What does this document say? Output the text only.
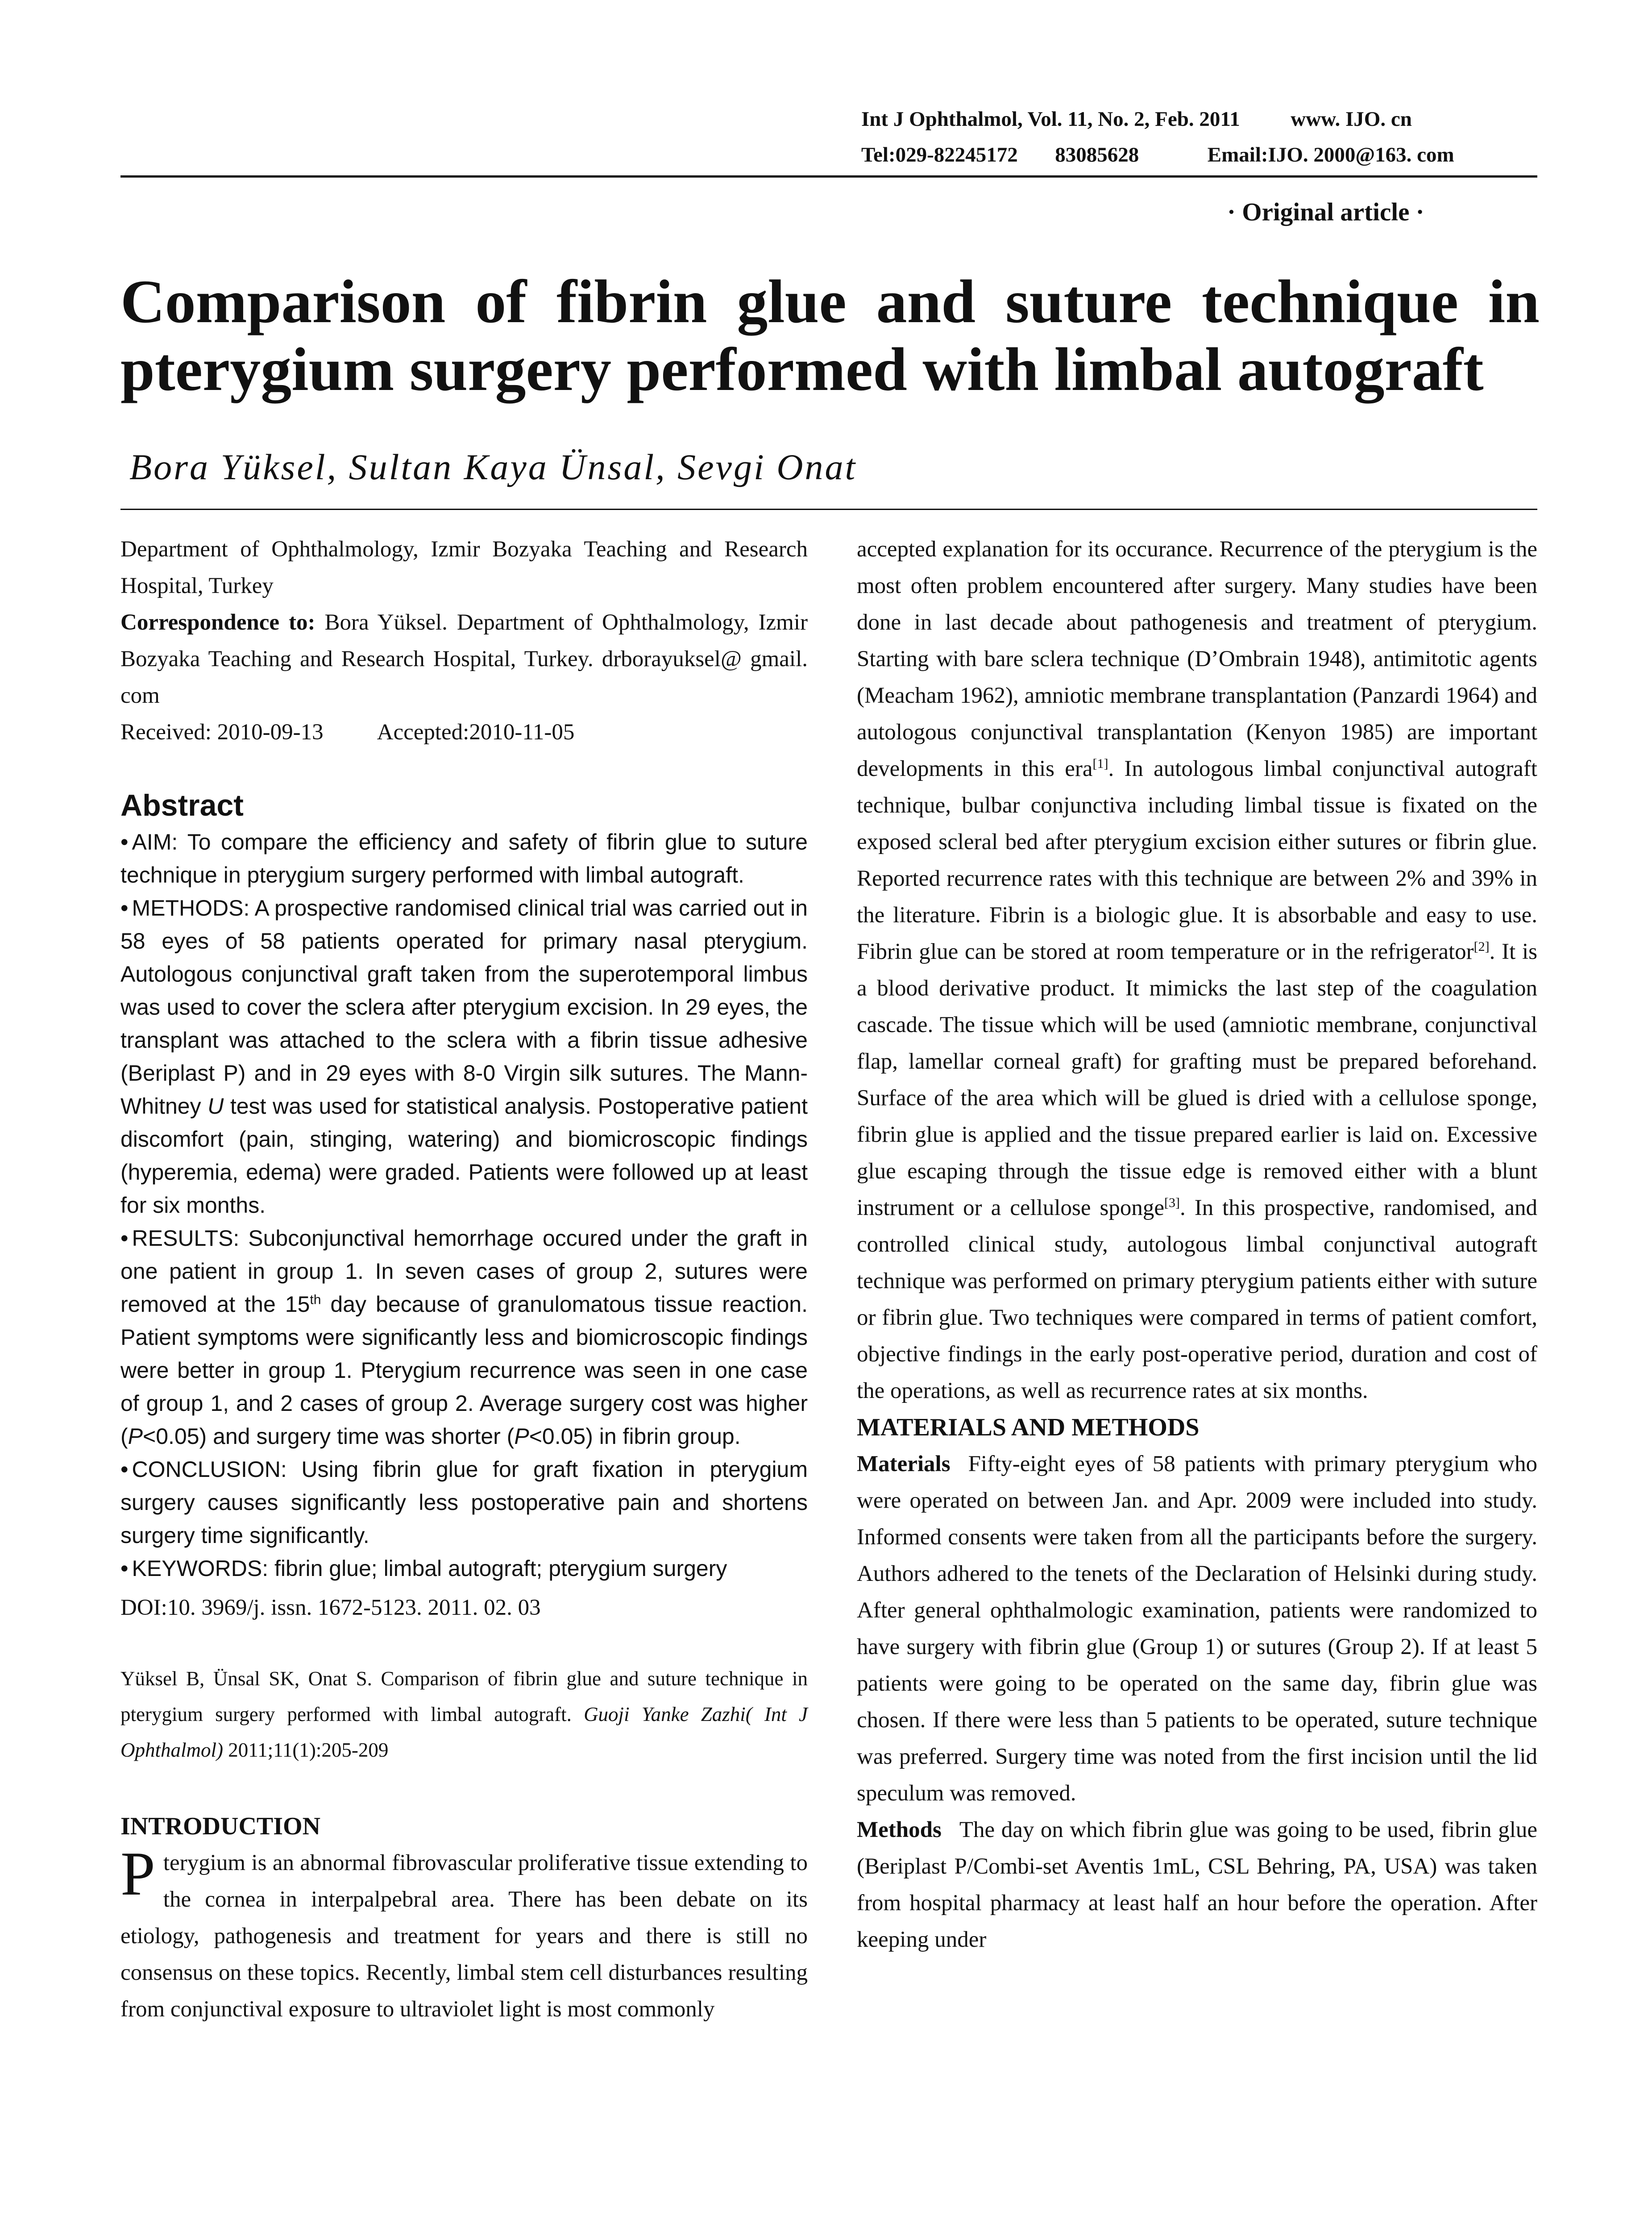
Int J Ophthalmol, Vol. 11, No. 2, Feb. 2011 www. IJO. cn
Tel:029-82245172 83085628	Email:IJO. 2000@163. com
· Original article ·
Comparison of fibrin glue and suture technique in
pterygium surgery performed with limbal autograft
Bora Yüksel, Sultan Kaya Ünsal, Sevgi Onat

Department of Ophthalmology, Izmir Bozyaka Teaching and Research Hospital, Turkey

Correspondence to: Bora Yüksel. Department of Ophthalmology, Izmir Bozyaka Teaching and Research Hospital, Turkey. drborayuksel@ gmail. com

Received: 2010-09-13 Accepted:2010-11-05

Abstract

• AIM: To compare the efficiency and safety of fibrin glue to suture technique in pterygium surgery performed with limbal autograft.

• METHODS: A prospective randomised clinical trial was carried out in 58 eyes of 58 patients operated for primary nasal pterygium. Autologous conjunctival graft taken from the superotemporal limbus was used to cover the sclera after pterygium excision. In 29 eyes, the transplant was attached to the sclera with a fibrin tissue adhesive (Beriplast P) and in 29 eyes with 8-0 Virgin silk sutures. The Mann-Whitney U test was used for statistical analysis. Postoperative patient discomfort (pain, stinging, watering) and biomicroscopic findings (hyperemia, edema) were graded. Patients were followed up at least for six months.

• RESULTS: Subconjunctival hemorrhage occured under the graft in one patient in group 1. In seven cases of group 2, sutures were removed at the 15th day because of granulomatous tissue reaction. Patient symptoms were significantly less and biomicroscopic findings were better in group 1. Pterygium recurrence was seen in one case of group 1, and 2 cases of group 2. Average surgery cost was higher (P<0.05) and surgery time was shorter (P<0.05) in fibrin group.

• CONCLUSION: Using fibrin glue for graft fixation in pterygium surgery causes significantly less postoperative pain and shortens surgery time significantly.

• KEYWORDS: fibrin glue; limbal autograft; pterygium surgery

DOI:10. 3969/j. issn. 1672-5123. 2011. 02. 03

Yüksel B, Ünsal SK, Onat S. Comparison of fibrin glue and suture technique in pterygium surgery performed with limbal autograft. Guoji Yanke Zazhi( Int J Ophthalmol) 2011;11(1):205-209

INTRODUCTION

Pterygium is an abnormal fibrovascular proliferative tissue extending to the cornea in interpalpebral area. There has been debate on its etiology, pathogenesis and treatment for years and there is still no consensus on these topics. Recently, limbal stem cell disturbances resulting from conjunctival exposure to ultraviolet light is most commonly

accepted explanation for its occurance. Recurrence of the pterygium is the most often problem encountered after surgery. Many studies have been done in last decade about pathogenesis and treatment of pterygium. Starting with bare sclera technique (D’Ombrain 1948), antimitotic agents (Meacham 1962), amniotic membrane transplantation (Panzardi 1964) and autologous conjunctival transplantation (Kenyon 1985) are important developments in this era[1]. In autologous limbal conjunctival autograft technique, bulbar conjunctiva including limbal tissue is fixated on the exposed scleral bed after pterygium excision either sutures or fibrin glue. Reported recurrence rates with this technique are between 2% and 39% in the literature. Fibrin is a biologic glue. It is absorbable and easy to use. Fibrin glue can be stored at room temperature or in the refrigerator[2]. It is a blood derivative product. It mimicks the last step of the coagulation cascade. The tissue which will be used (amniotic membrane, conjunctival flap, lamellar corneal graft) for grafting must be prepared beforehand. Surface of the area which will be glued is dried with a cellulose sponge, fibrin glue is applied and the tissue prepared earlier is laid on. Excessive glue escaping through the tissue edge is removed either with a blunt instrument or a cellulose sponge[3]. In this prospective, randomised, and controlled clinical study, autologous limbal conjunctival autograft technique was performed on primary pterygium patients either with suture or fibrin glue. Two techniques were compared in terms of patient comfort, objective findings in the early post-operative period, duration and cost of the operations, as well as recurrence rates at six months.

MATERIALS AND METHODS

Materials Fifty-eight eyes of 58 patients with primary pterygium who were operated on between Jan. and Apr. 2009 were included into study. Informed consents were taken from all the participants before the surgery. Authors adhered to the tenets of the Declaration of Helsinki during study. After general ophthalmologic examination, patients were randomized to have surgery with fibrin glue (Group 1) or sutures (Group 2). If at least 5 patients were going to be operated on the same day, fibrin glue was chosen. If there were less than 5 patients to be operated, suture technique was preferred. Surgery time was noted from the first incision until the lid speculum was removed.

Methods The day on which fibrin glue was going to be used, fibrin glue (Beriplast P/Combi-set Aventis 1mL, CSL Behring, PA, USA) was taken from hospital pharmacy at least half an hour before the operation. After keeping under
